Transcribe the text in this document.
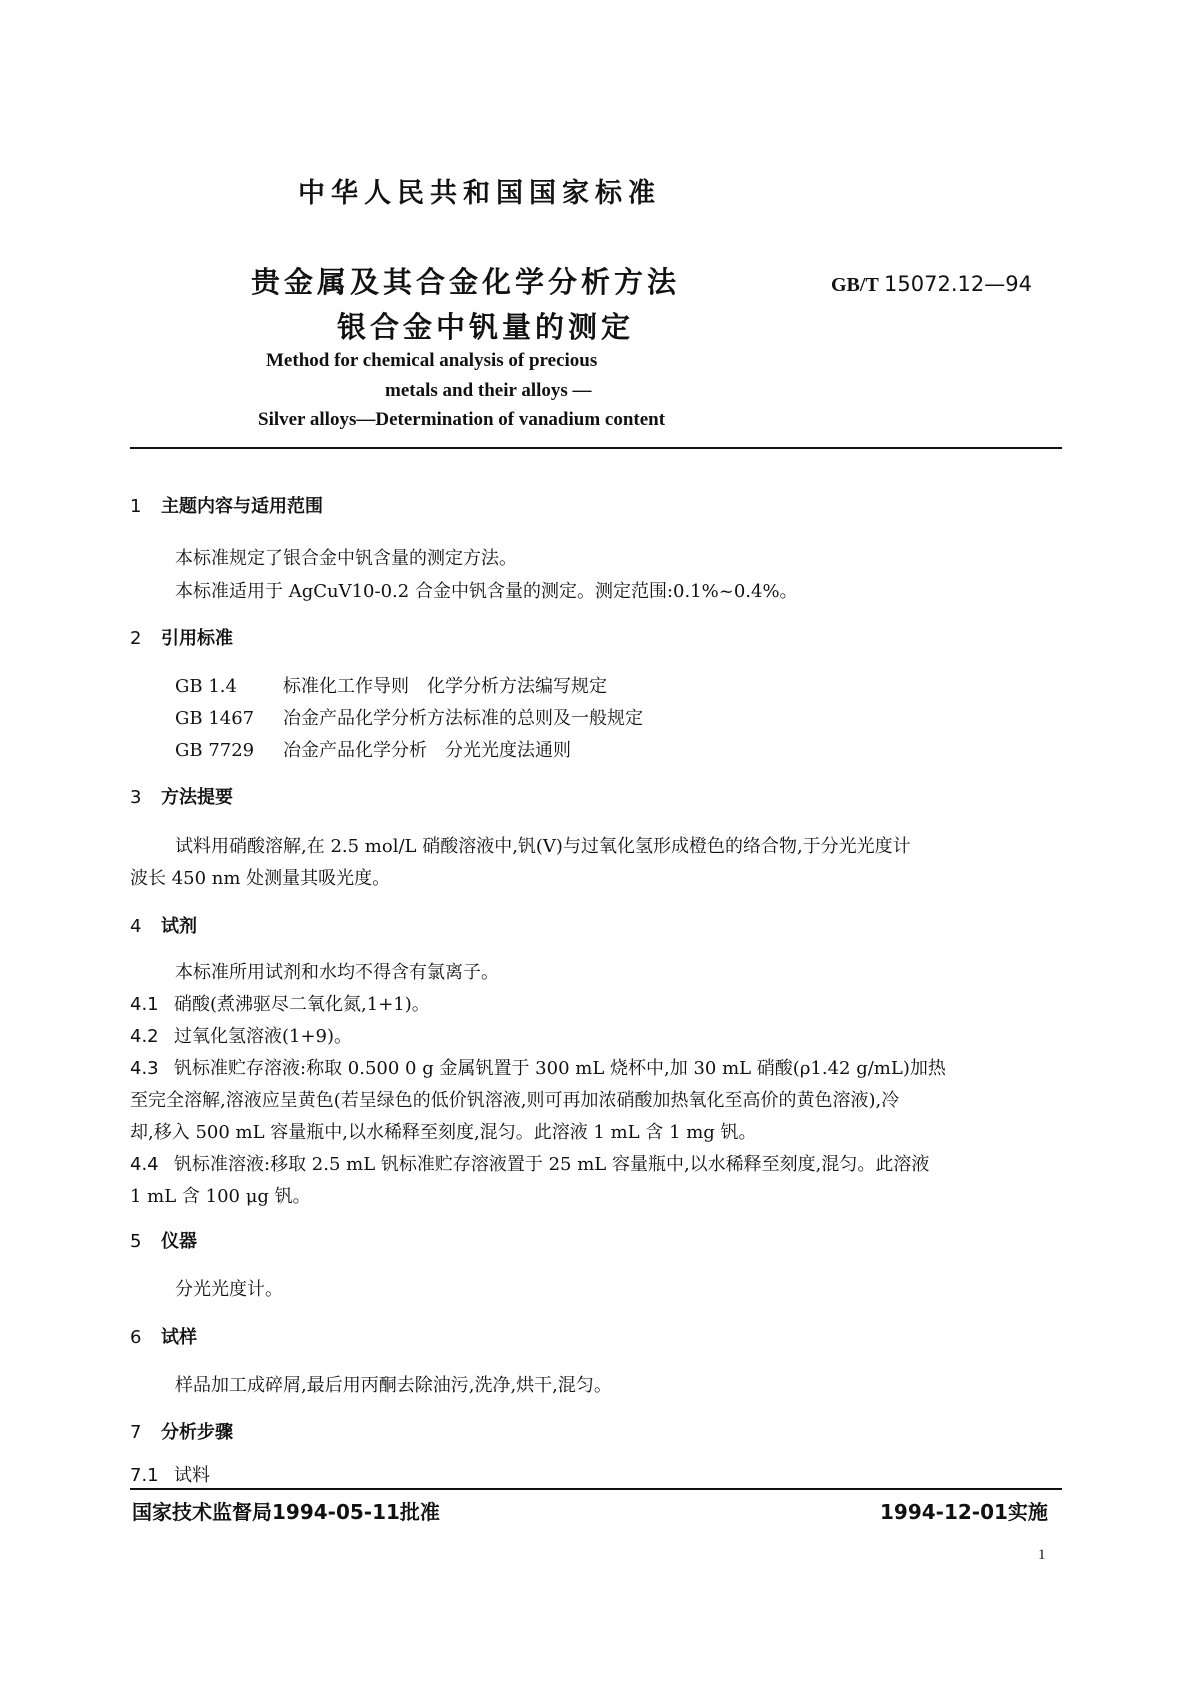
中华人民共和国国家标准
贵金属及其合金化学分析方法
银合金中钒量的测定
GB/T 15072.12—94
Method for chemical analysis of precious
metals and their alloys —
Silver alloys—Determination of vanadium content
1 主题内容与适用范围
本标准规定了银合金中钒含量的测定方法。
本标准适用于 AgCuV10-0.2 合金中钒含量的测定。测定范围:0.1%~0.4%。
2 引用标准
GB 1.4	标准化工作导则　化学分析方法编写规定
GB 1467 冶金产品化学分析方法标准的总则及一般规定
GB 7729 冶金产品化学分析　分光光度法通则
3 方法提要
试料用硝酸溶解,在 2.5 mol/L 硝酸溶液中,钒(V)与过氧化氢形成橙色的络合物,于分光光度计
波长 450 nm 处测量其吸光度。
4 试剂
本标准所用试剂和水均不得含有氯离子。
4.1 硝酸(煮沸驱尽二氧化氮,1+1)。
4.2 过氧化氢溶液(1+9)。
4.3 钒标准贮存溶液:称取 0.500 0 g 金属钒置于 300 mL 烧杯中,加 30 mL 硝酸(ρ1.42 g/mL)加热
至完全溶解,溶液应呈黄色(若呈绿色的低价钒溶液,则可再加浓硝酸加热氧化至高价的黄色溶液),冷
却,移入 500 mL 容量瓶中,以水稀释至刻度,混匀。此溶液 1 mL 含 1 mg 钒。
4.4 钒标准溶液:移取 2.5 mL 钒标准贮存溶液置于 25 mL 容量瓶中,以水稀释至刻度,混匀。此溶液
1 mL 含 100 μg 钒。
5 仪器
分光光度计。
6 试样
样品加工成碎屑,最后用丙酮去除油污,洗净,烘干,混匀。
7 分析步骤
7.1 试料
国家技术监督局1994-05-11批准	1994-12-01实施
1
